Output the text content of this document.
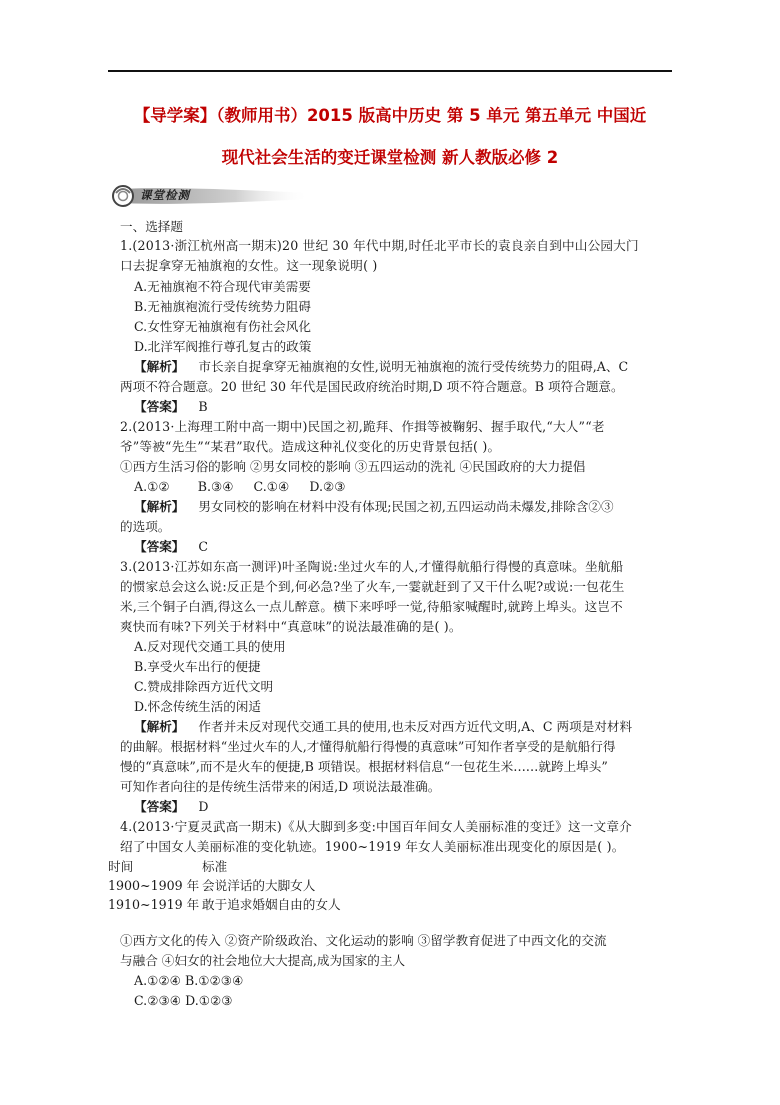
【导学案】（教师用书）2015 版高中历史 第 5 单元 第五单元 中国近
现代社会生活的变迁课堂检测 新人教版必修 2
课堂检测
一、选择题
1.(2013·浙江杭州高一期末)20 世纪 30 年代中期,时任北平市长的袁良亲自到中山公园大门
口去捉拿穿无袖旗袍的女性。这一现象说明( )
A.无袖旗袍不符合现代审美需要
B.无袖旗袍流行受传统势力阻碍
C.女性穿无袖旗袍有伤社会风化
D.北洋军阀推行尊孔复古的政策
【解析】 市长亲自捉拿穿无袖旗袍的女性,说明无袖旗袍的流行受传统势力的阻碍,A、C
两项不符合题意。20 世纪 30 年代是国民政府统治时期,D 项不符合题意。B 项符合题意。
【答案】 B
2.(2013·上海理工附中高一期中)民国之初,跪拜、作揖等被鞠躬、握手取代,“大人”“老
爷”等被“先生”“某君”取代。造成这种礼仪变化的历史背景包括( )。
①西方生活习俗的影响 ②男女同校的影响 ③五四运动的洗礼 ④民国政府的大力提倡
A.①②       B.③④     C.①④     D.②③
【解析】 男女同校的影响在材料中没有体现;民国之初,五四运动尚未爆发,排除含②③
的选项。
【答案】 C
3.(2013·江苏如东高一测评)叶圣陶说:坐过火车的人,才懂得航船行得慢的真意味。坐航船
的惯家总会这么说:反正是个到,何必急?坐了火车,一霎就赶到了又干什么呢?或说:一包花生
米,三个铜子白酒,得这么一点儿醉意。横下来呼呼一觉,待船家喊醒时,就跨上埠头。这岂不
爽快而有味?下列关于材料中“真意味”的说法最准确的是( )。
A.反对现代交通工具的使用
B.享受火车出行的便捷
C.赞成排除西方近代文明
D.怀念传统生活的闲适
【解析】 作者并未反对现代交通工具的使用,也未反对西方近代文明,A、C 两项是对材料
的曲解。根据材料“坐过火车的人,才懂得航船行得慢的真意味”可知作者享受的是航船行得
慢的“真意味”,而不是火车的便捷,B 项错误。根据材料信息“一包花生米……就跨上埠头”
可知作者向往的是传统生活带来的闲适,D 项说法最准确。
【答案】 D
4.(2013·宁夏灵武高一期末)《从大脚到多变:中国百年间女人美丽标准的变迁》这一文章介
绍了中国女人美丽标准的变化轨迹。1900~1919 年女人美丽标准出现变化的原因是( )。
时间	标准
1900~1909 年 会说洋话的大脚女人
1910~1919 年 敢于追求婚姻自由的女人
①西方文化的传入 ②资产阶级政治、文化运动的影响 ③留学教育促进了中西文化的交流
与融合 ④妇女的社会地位大大提高,成为国家的主人
A.①②④ B.①②③④
C.②③④ D.①②③
